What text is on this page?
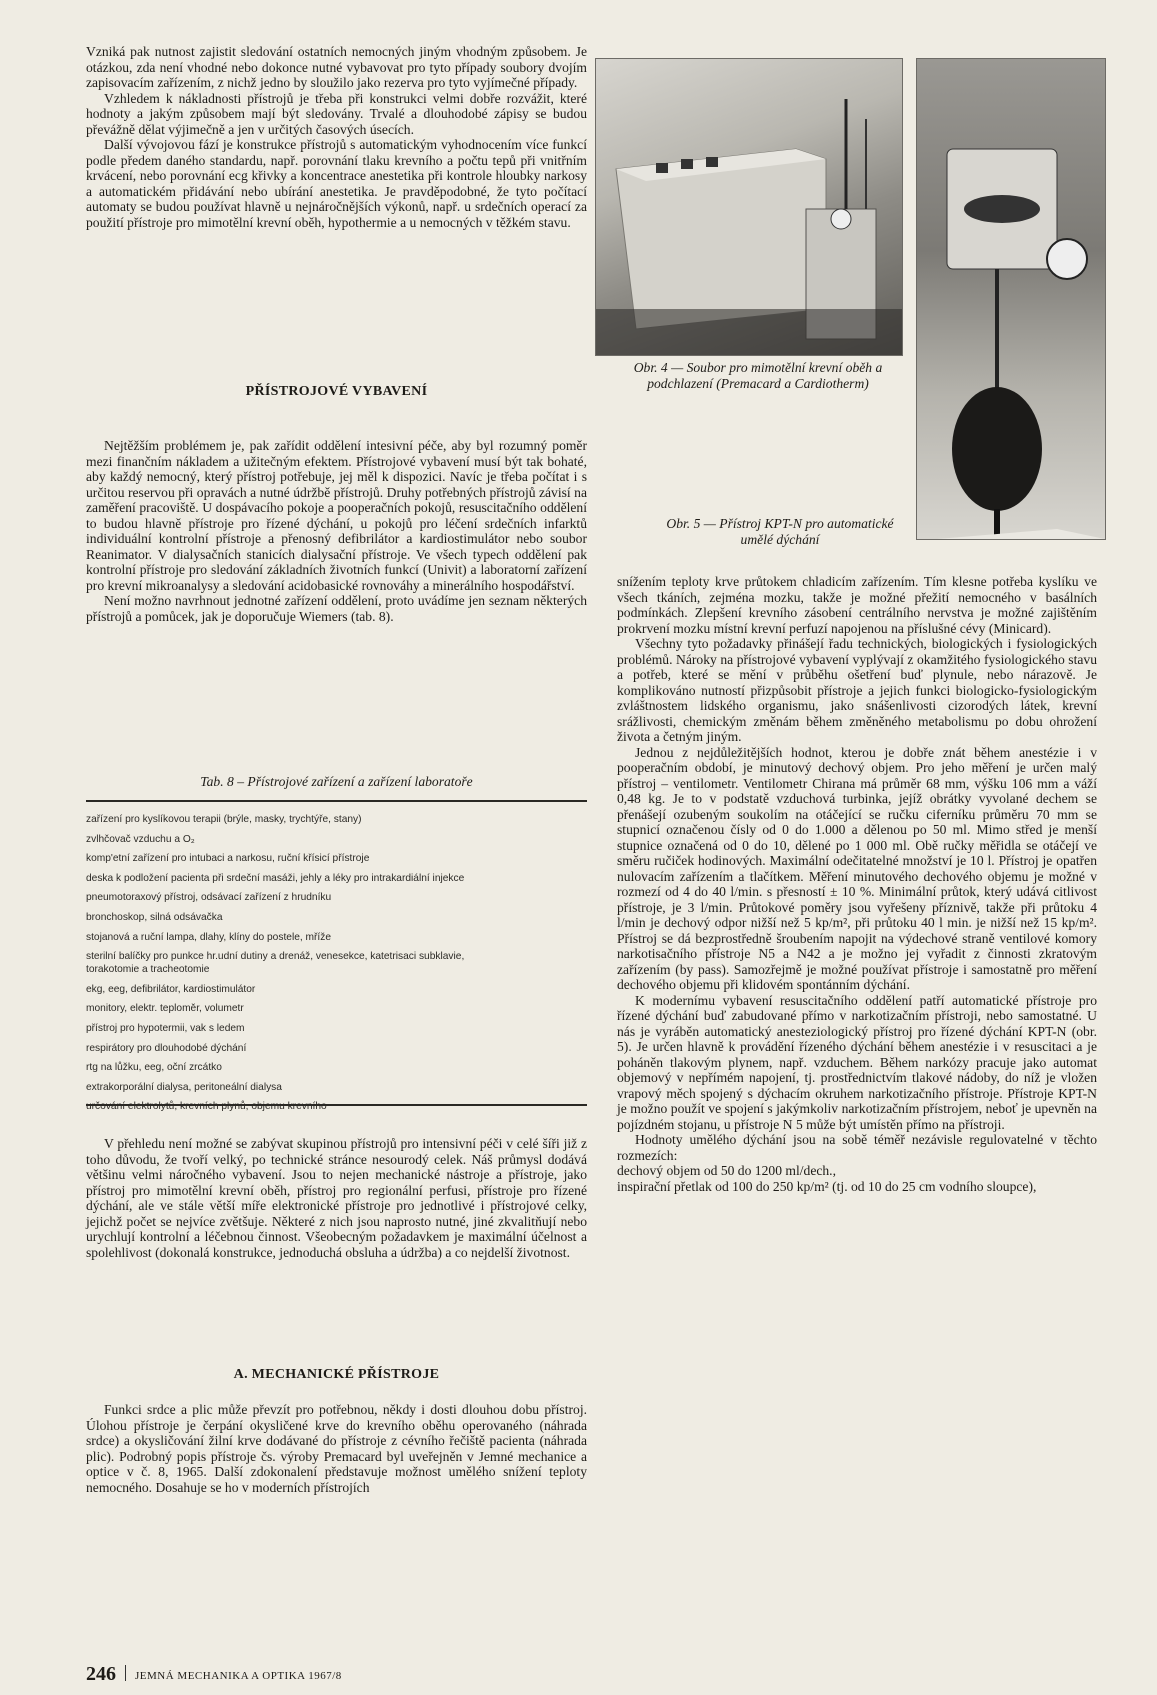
Vzniká pak nutnost zajistit sledování ostatních nemocných jiným vhodným způsobem. Je otázkou, zda není vhodné nebo dokonce nutné vybavovat pro tyto případy soubory dvojím zapisovacím zařízením, z nichž jedno by sloužilo jako rezerva pro tyto vyjímečné případy.

Vzhledem k nákladnosti přístrojů je třeba při konstrukci velmi dobře rozvážit, které hodnoty a jakým způsobem mají být sledovány. Trvalé a dlouhodobé zápisy se budou převážně dělat výjimečně a jen v určitých časových úsecích.

Další vývojovou fází je konstrukce přístrojů s automatickým vyhodnocením více funkcí podle předem daného standardu, např. porovnání tlaku krevního a počtu tepů při vnitřním krvácení, nebo porovnání ecg křivky a koncentrace anestetika při kontrole hloubky narkosy a automatickém přidávání nebo ubírání anestetika. Je pravděpodobné, že tyto počítací automaty se budou používat hlavně u nejnáročnějších výkonů, např. u srdečních operací za použití přístroje pro mimotělní krevní oběh, hypothermie a u nemocných v těžkém stavu.

PŘÍSTROJOVÉ VYBAVENÍ

Nejtěžším problémem je, pak zařídit oddělení intesivní péče, aby byl rozumný poměr mezi finančním nákladem a užitečným efektem. Přístrojové vybavení musí být tak bohaté, aby každý nemocný, který přístroj potřebuje, jej měl k dispozici. Navíc je třeba počítat i s určitou reservou při opravách a nutné údržbě přístrojů. Druhy potřebných přístrojů závisí na zaměření pracoviště. U dospávacího pokoje a pooperačních pokojů, resuscitačního oddělení to budou hlavně přístroje pro řízené dýchání, u pokojů pro léčení srdečních infarktů individuální kontrolní přístroje a přenosný defibrilátor a kardiostimulátor nebo soubor Reanimator. V dialysačních stanicích dialysační přístroje. Ve všech typech oddělení pak kontrolní přístroje pro sledování základních životních funkcí (Univit) a laboratorní zařízení pro krevní mikroanalysy a sledování acidobasické rovnováhy a minerálního hospodářství.

Není možno navrhnout jednotné zařízení oddělení, proto uvádíme jen seznam některých přístrojů a pomůcek, jak je doporučuje Wiemers (tab. 8).

Tab. 8 – Přístrojové zařízení a zařízení laboratoře
zařízení pro kyslíkovou terapii (brýle, masky, trychtýře, stany)
zvlhčovač vzduchu a O₂
komp'etní zařízení pro intubaci a narkosu, ruční křísicí přístroje
deska k podložení pacienta při srdeční masáži, jehly a léky pro intrakardiální injekce
pneumotoraxový přístroj, odsávací zařízení z hrudníku
bronchoskop, silná odsávačka
stojanová a ruční lampa, dlahy, klíny do postele, mříže
sterilní balíčky pro punkce hr.udní dutiny a drenáž, venesekce, katetrisaci subklavie,
torakotomie a tracheotomie
ekg, eeg, defibrilátor, kardiostimulátor
monitory, elektr. teploměr, volumetr
přístroj pro hypotermii, vak s ledem
respirátory pro dlouhodobé dýchání
rtg na lůžku, eeg, oční zrcátko
extrakorporální dialysa, peritoneální dialysa
určování elektrolytů, krevních plynů, objemu krevního

V přehledu není možné se zabývat skupinou přístrojů pro intensivní péči v celé šíři již z toho důvodu, že tvoří velký, po technické stránce nesourodý celek. Náš průmysl dodává většinu velmi náročného vybavení. Jsou to nejen mechanické nástroje a přístroje, jako přístroj pro mimotělní krevní oběh, přístroj pro regionální perfusi, přístroje pro řízené dýchání, ale ve stále větší míře elektronické přístroje pro jednotlivé i přístrojové celky, jejichž počet se nejvíce zvětšuje. Některé z nich jsou naprosto nutné, jiné zkvalitňují nebo urychlují kontrolní a léčebnou činnost. Všeobecným požadavkem je maximální účelnost a spolehlivost (dokonalá konstrukce, jednoduchá obsluha a údržba) a co nejdelší životnost.

A. MECHANICKÉ PŘÍSTROJE

Funkci srdce a plic může převzít pro potřebnou, někdy i dosti dlouhou dobu přístroj. Úlohou přístroje je čerpání okysličené krve do krevního oběhu operovaného (náhrada srdce) a okysličování žilní krve dodávané do přístroje z cévního řečiště pacienta (náhrada plic). Podrobný popis přístroje čs. výroby Premacard byl uveřejněn v Jemné mechanice a optice v č. 8, 1965. Další zdokonalení představuje možnost umělého snížení teploty nemocného. Dosahuje se ho v moderních přístrojích

Obr. 4 — Soubor pro mimotělní krevní oběh a podchlazení (Premacard a Cardiotherm)
Obr. 5 — Přístroj KPT-N pro automatické umělé dýchání

snížením teploty krve průtokem chladicím zařízením. Tím klesne potřeba kyslíku ve všech tkáních, zejména mozku, takže je možné přežití nemocného v basálních podmínkách. Zlepšení krevního zásobení centrálního nervstva je možné zajištěním prokrvení mozku místní krevní perfuzí napojenou na příslušné cévy (Minicard).

Všechny tyto požadavky přinášejí řadu technických, biologických i fysiologických problémů. Nároky na přístrojové vybavení vyplývají z okamžitého fysiologického stavu a potřeb, které se mění v průběhu ošetření buď plynule, nebo nárazově. Je komplikováno nutností přizpůsobit přístroje a jejich funkci biologicko-fysiologickým zvláštnostem lidského organismu, jako snášenlivosti cizorodých látek, krevní srážlivosti, chemickým změnám během změněného metabolismu po dobu ohrožení života a četným jiným.

Jednou z nejdůležitějších hodnot, kterou je dobře znát během anestézie i v pooperačním období, je minutový dechový objem. Pro jeho měření je určen malý přístroj – ventilometr. Ventilometr Chirana má průměr 68 mm, výšku 106 mm a váží 0,48 kg. Je to v podstatě vzduchová turbinka, jejíž obrátky vyvolané dechem se přenášejí ozubeným soukolím na otáčející se ručku ciferníku průměru 70 mm se stupnicí označenou čísly od 0 do 1.000 a dělenou po 50 ml. Mimo střed je menší stupnice označená od 0 do 10, dělené po 1 000 ml. Obě ručky měřidla se otáčejí ve směru ručiček hodinových. Maximální odečitatelné množství je 10 l. Přístroj je opatřen nulovacím zařízením a tlačítkem. Měření minutového dechového objemu je možné v rozmezí od 4 do 40 l/min. s přesností ± 10 %. Minimální průtok, který udává citlivost přístroje, je 3 l/min. Průtokové poměry jsou vyřešeny příznivě, takže při průtoku 4 l/min je dechový odpor nižší než 5 kp/m², při průtoku 40 l min. je nižší než 15 kp/m². Přístroj se dá bezprostředně šroubením napojit na výdechové straně ventilové komory narkotisačního přístroje N5 a N42 a je možno jej vyřadit z činnosti zkratovým zařízením (by pass). Samozřejmě je možné používat přístroje i samostatně pro měření dechového objemu při klidovém spontánním dýchání.

K modernímu vybavení resuscitačního oddělení patří automatické přístroje pro řízené dýchání buď zabudované přímo v narkotizačním přístroji, nebo samostatné. U nás je vyráběn automatický anesteziologický přístroj pro řízené dýchání KPT-N (obr. 5). Je určen hlavně k provádění řízeného dýchání během anestézie i v resuscitaci a je poháněn tlakovým plynem, např. vzduchem. Během narkózy pracuje jako automat objemový v nepřímém napojení, tj. prostřednictvím tlakové nádoby, do níž je vložen vrapový měch spojený s dýchacím okruhem narkotizačního přístroje. Přístroje KPT-N je možno použít ve spojení s jakýmkoliv narkotizačním přístrojem, neboť je upevněn na pojízdném stojanu, u přístroje N 5 může být umístěn přímo na přístroji.

Hodnoty umělého dýchání jsou na sobě téměř nezávisle regulovatelné v těchto rozmezích:

dechový objem od 50 do 1200 ml/dech.,

inspirační přetlak od 100 do 250 kp/m² (tj. od 10 do 25 cm vodního sloupce),

246 JEMNÁ MECHANIKA A OPTIKA 1967/8
